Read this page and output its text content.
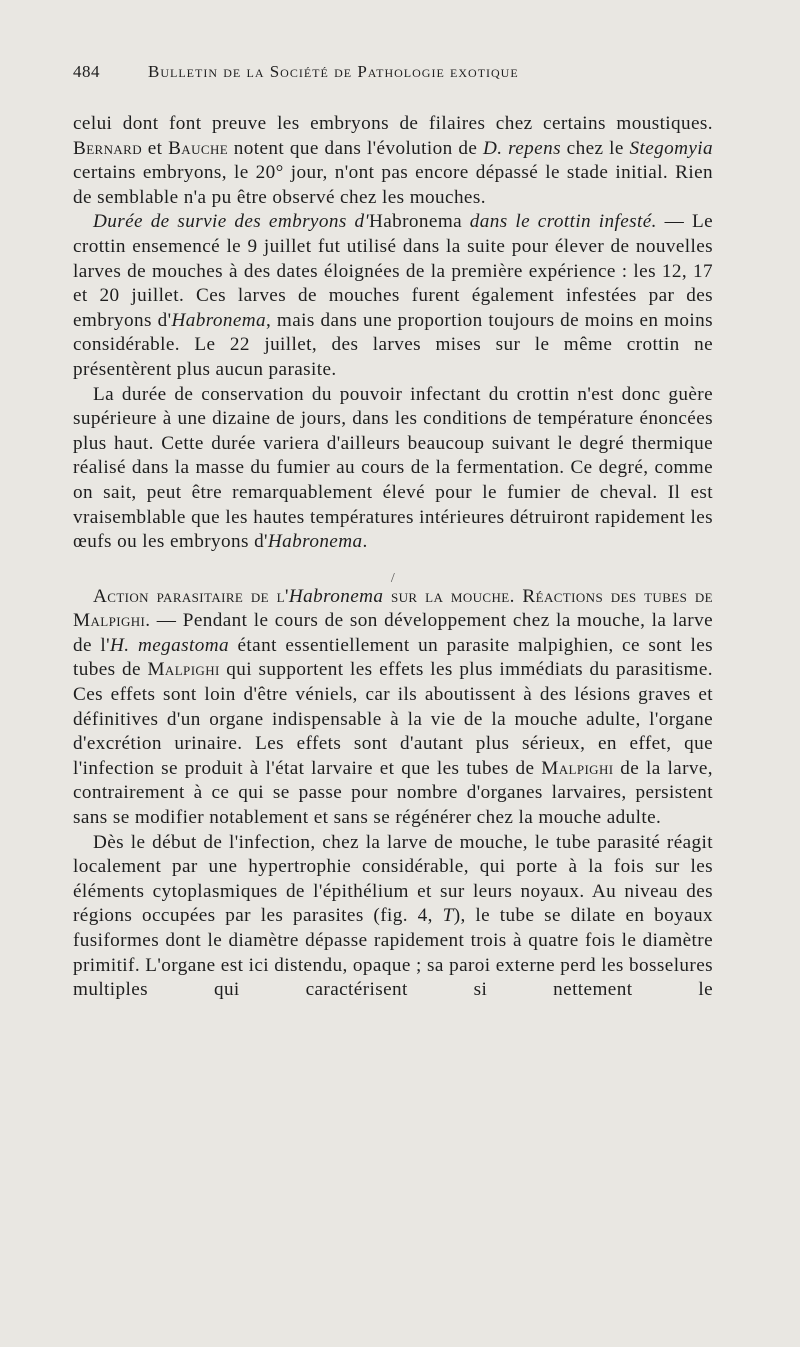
484	Bulletin de la Société de Pathologie exotique

celui dont font preuve les embryons de filaires chez certains moustiques. Bernard et Bauche notent que dans l'évolution de D. repens chez le Stegomyia certains embryons, le 20° jour, n'ont pas encore dépassé le stade initial. Rien de semblable n'a pu être observé chez les mouches.

Durée de survie des embryons d'Habronema dans le crottin infesté. — Le crottin ensemencé le 9 juillet fut utilisé dans la suite pour élever de nouvelles larves de mouches à des dates éloignées de la première expérience : les 12, 17 et 20 juillet. Ces larves de mouches furent également infestées par des embryons d'Habronema, mais dans une proportion toujours de moins en moins considérable. Le 22 juillet, des larves mises sur le même crottin ne présentèrent plus aucun parasite.

La durée de conservation du pouvoir infectant du crottin n'est donc guère supérieure à une dizaine de jours, dans les conditions de température énoncées plus haut. Cette durée variera d'ailleurs beaucoup suivant le degré thermique réalisé dans la masse du fumier au cours de la fermentation. Ce degré, comme on sait, peut être remarquablement élevé pour le fumier de cheval. Il est vraisemblable que les hautes températures intérieures détruiront rapidement les œufs ou les embryons d'Habronema.

/

Action parasitaire de l'Habronema sur la mouche. Réactions des tubes de Malpighi. — Pendant le cours de son développement chez la mouche, la larve de l'H. megastoma étant essentiellement un parasite malpighien, ce sont les tubes de Malpighi qui supportent les effets les plus immédiats du parasitisme. Ces effets sont loin d'être véniels, car ils aboutissent à des lésions graves et définitives d'un organe indispensable à la vie de la mouche adulte, l'organe d'excrétion urinaire. Les effets sont d'autant plus sérieux, en effet, que l'infection se produit à l'état larvaire et que les tubes de Malpighi de la larve, contrairement à ce qui se passe pour nombre d'organes larvaires, persistent sans se modifier notablement et sans se régénérer chez la mouche adulte.

Dès le début de l'infection, chez la larve de mouche, le tube parasité réagit localement par une hypertrophie considérable, qui porte à la fois sur les éléments cytoplasmiques de l'épithélium et sur leurs noyaux. Au niveau des régions occupées par les parasites (fig. 4, T), le tube se dilate en boyaux fusiformes dont le diamètre dépasse rapidement trois à quatre fois le diamètre primitif. L'organe est ici distendu, opaque ; sa paroi externe perd les bosselures multiples qui caractérisent si nettement le
